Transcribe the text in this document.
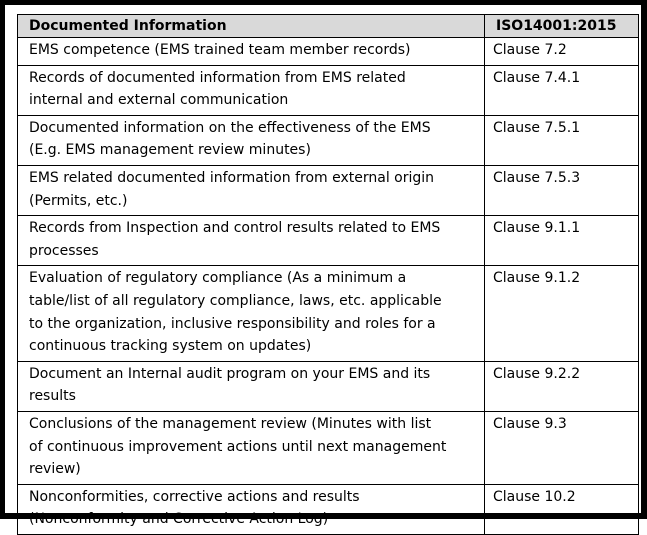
Documented Information	ISO14001:2015
EMS competence (EMS trained team member records)	Clause 7.2
Records of documented information from EMS related
internal and external communication	Clause 7.4.1
Documented information on the effectiveness of the EMS
(E.g. EMS management review minutes)	Clause 7.5.1
EMS related documented information from external origin
(Permits, etc.)	Clause 7.5.3
Records from Inspection and control results related to EMS
processes	Clause 9.1.1
Evaluation of regulatory compliance (As a minimum a
table/list of all regulatory compliance, laws, etc. applicable
to the organization, inclusive responsibility and roles for a
continuous tracking system on updates)	Clause 9.1.2
Document an Internal audit program on your EMS and its
results	Clause 9.2.2
Conclusions of the management review (Minutes with list
of continuous improvement actions until next management
review)	Clause 9.3
Nonconformities, corrective actions and results
(Nonconformity and Corrective Action Log)	Clause 10.2
